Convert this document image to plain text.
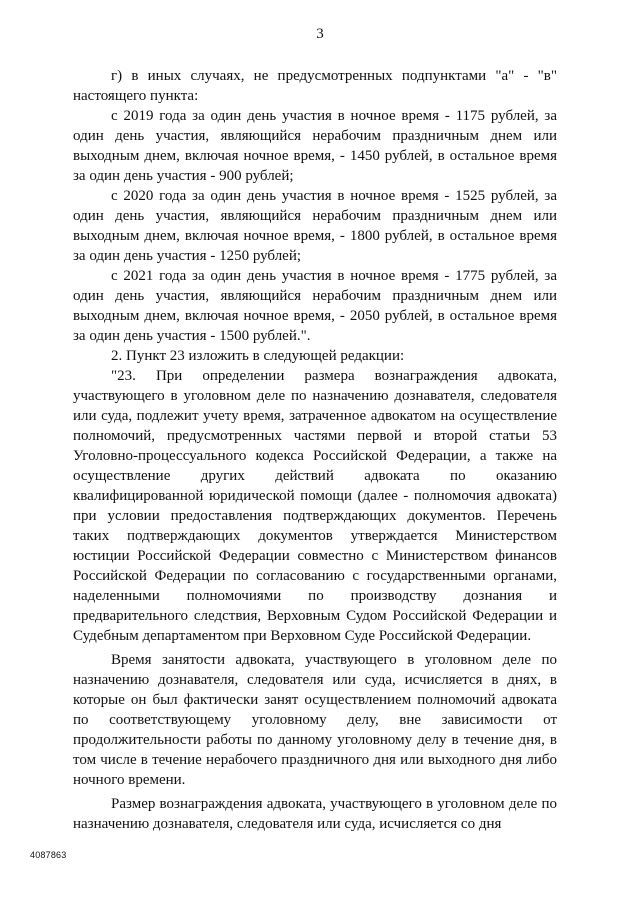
3

г) в иных случаях, не предусмотренных подпунктами "а" - "в" настоящего пункта:

с 2019 года за один день участия в ночное время - 1175 рублей, за один день участия, являющийся нерабочим праздничным днем или выходным днем, включая ночное время, - 1450 рублей, в остальное время за один день участия - 900 рублей;

с 2020 года за один день участия в ночное время - 1525 рублей, за один день участия, являющийся нерабочим праздничным днем или выходным днем, включая ночное время, - 1800 рублей, в остальное время за один день участия - 1250 рублей;

с 2021 года за один день участия в ночное время - 1775 рублей, за один день участия, являющийся нерабочим праздничным днем или выходным днем, включая ночное время, - 2050 рублей, в остальное время за один день участия - 1500 рублей.".

2. Пункт 23 изложить в следующей редакции:

"23. При определении размера вознаграждения адвоката, участвующего в уголовном деле по назначению дознавателя, следователя или суда, подлежит учету время, затраченное адвокатом на осуществление полномочий, предусмотренных частями первой и второй статьи 53 Уголовно-процессуального кодекса Российской Федерации, а также на осуществление других действий адвоката по оказанию квалифицированной юридической помощи (далее - полномочия адвоката) при условии предоставления подтверждающих документов. Перечень таких подтверждающих документов утверждается Министерством юстиции Российской Федерации совместно с Министерством финансов Российской Федерации по согласованию с государственными органами, наделенными полномочиями по производству дознания и предварительного следствия, Верховным Судом Российской Федерации и Судебным департаментом при Верховном Суде Российской Федерации.

Время занятости адвоката, участвующего в уголовном деле по назначению дознавателя, следователя или суда, исчисляется в днях, в которые он был фактически занят осуществлением полномочий адвоката по соответствующему уголовному делу, вне зависимости от продолжительности работы по данному уголовному делу в течение дня, в том числе в течение нерабочего праздничного дня или выходного дня либо ночного времени.

Размер вознаграждения адвоката, участвующего в уголовном деле по назначению дознавателя, следователя или суда, исчисляется со дня

4087863
